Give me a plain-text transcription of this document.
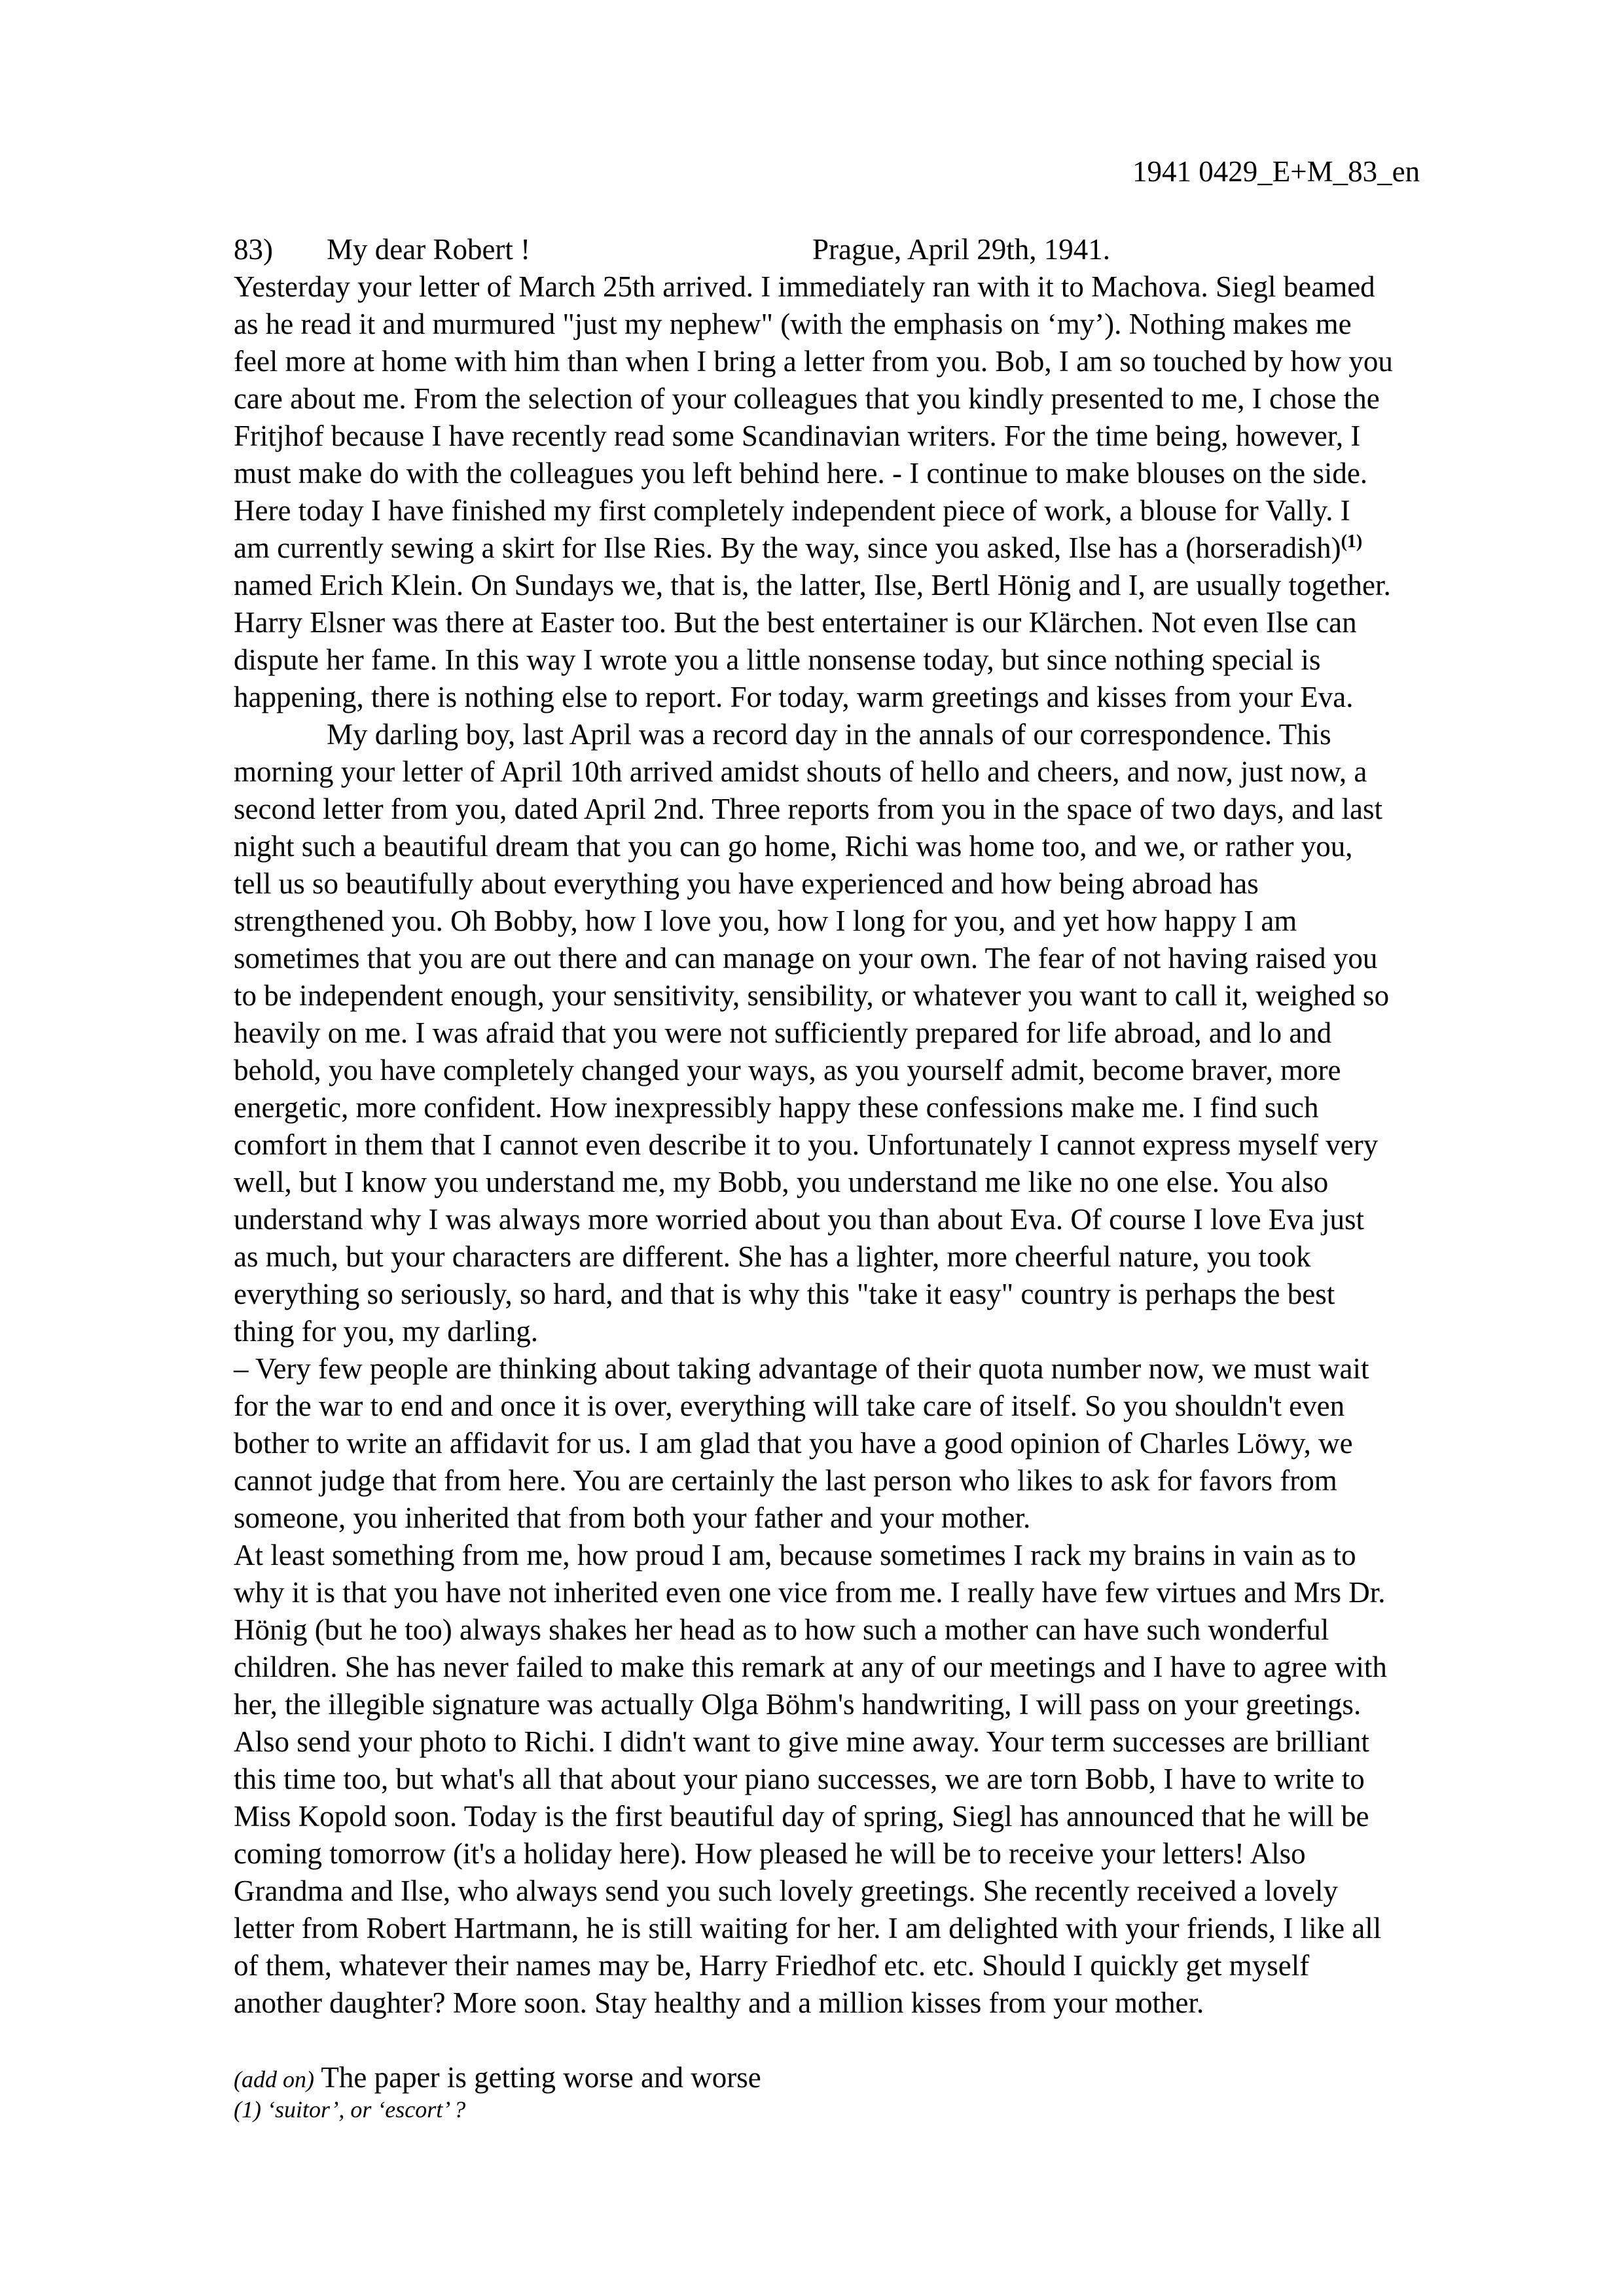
1941 0429_E+M_83_en
83) My dear Robert !	Prague, April 29th, 1941.
Yesterday your letter of March 25th arrived. I immediately ran with it to Machova. Siegl beamed
as he read it and murmured "just my nephew" (with the emphasis on ‘my’). Nothing makes me
feel more at home with him than when I bring a letter from you. Bob, I am so touched by how you
care about me. From the selection of your colleagues that you kindly presented to me, I chose the
Fritjhof because I have recently read some Scandinavian writers. For the time being, however, I
must make do with the colleagues you left behind here. - I continue to make blouses on the side.
Here today I have finished my first completely independent piece of work, a blouse for Vally. I
am currently sewing a skirt for Ilse Ries. By the way, since you asked, Ilse has a (horseradish)$^{(1)}$
named Erich Klein. On Sundays we, that is, the latter, Ilse, Bertl Hönig and I, are usually together.
Harry Elsner was there at Easter too. But the best entertainer is our Klärchen. Not even Ilse can
dispute her fame. In this way I wrote you a little nonsense today, but since nothing special is
happening, there is nothing else to report. For today, warm greetings and kisses from your Eva.
My darling boy, last April was a record day in the annals of our correspondence. This
morning your letter of April 10th arrived amidst shouts of hello and cheers, and now, just now, a
second letter from you, dated April 2nd. Three reports from you in the space of two days, and last
night such a beautiful dream that you can go home, Richi was home too, and we, or rather you,
tell us so beautifully about everything you have experienced and how being abroad has
strengthened you. Oh Bobby, how I love you, how I long for you, and yet how happy I am
sometimes that you are out there and can manage on your own. The fear of not having raised you
to be independent enough, your sensitivity, sensibility, or whatever you want to call it, weighed so
heavily on me. I was afraid that you were not sufficiently prepared for life abroad, and lo and
behold, you have completely changed your ways, as you yourself admit, become braver, more
energetic, more confident. How inexpressibly happy these confessions make me. I find such
comfort in them that I cannot even describe it to you. Unfortunately I cannot express myself very
well, but I know you understand me, my Bobb, you understand me like no one else. You also
understand why I was always more worried about you than about Eva. Of course I love Eva just
as much, but your characters are different. She has a lighter, more cheerful nature, you took
everything so seriously, so hard, and that is why this "take it easy" country is perhaps the best
thing for you, my darling.
– Very few people are thinking about taking advantage of their quota number now, we must wait
for the war to end and once it is over, everything will take care of itself. So you shouldn't even
bother to write an affidavit for us. I am glad that you have a good opinion of Charles Löwy, we
cannot judge that from here. You are certainly the last person who likes to ask for favors from
someone, you inherited that from both your father and your mother.
At least something from me, how proud I am, because sometimes I rack my brains in vain as to
why it is that you have not inherited even one vice from me. I really have few virtues and Mrs Dr.
Hönig (but he too) always shakes her head as to how such a mother can have such wonderful
children. She has never failed to make this remark at any of our meetings and I have to agree with
her, the illegible signature was actually Olga Böhm's handwriting, I will pass on your greetings.
Also send your photo to Richi. I didn't want to give mine away. Your term successes are brilliant
this time too, but what's all that about your piano successes, we are torn Bobb, I have to write to
Miss Kopold soon. Today is the first beautiful day of spring, Siegl has announced that he will be
coming tomorrow (it's a holiday here). How pleased he will be to receive your letters! Also
Grandma and Ilse, who always send you such lovely greetings. She recently received a lovely
letter from Robert Hartmann, he is still waiting for her. I am delighted with your friends, I like all
of them, whatever their names may be, Harry Friedhof etc. etc. Should I quickly get myself
another daughter? More soon. Stay healthy and a million kisses from your mother.
(add on) The paper is getting worse and worse
(1) ‘suitor’, or ‘escort’ ?
